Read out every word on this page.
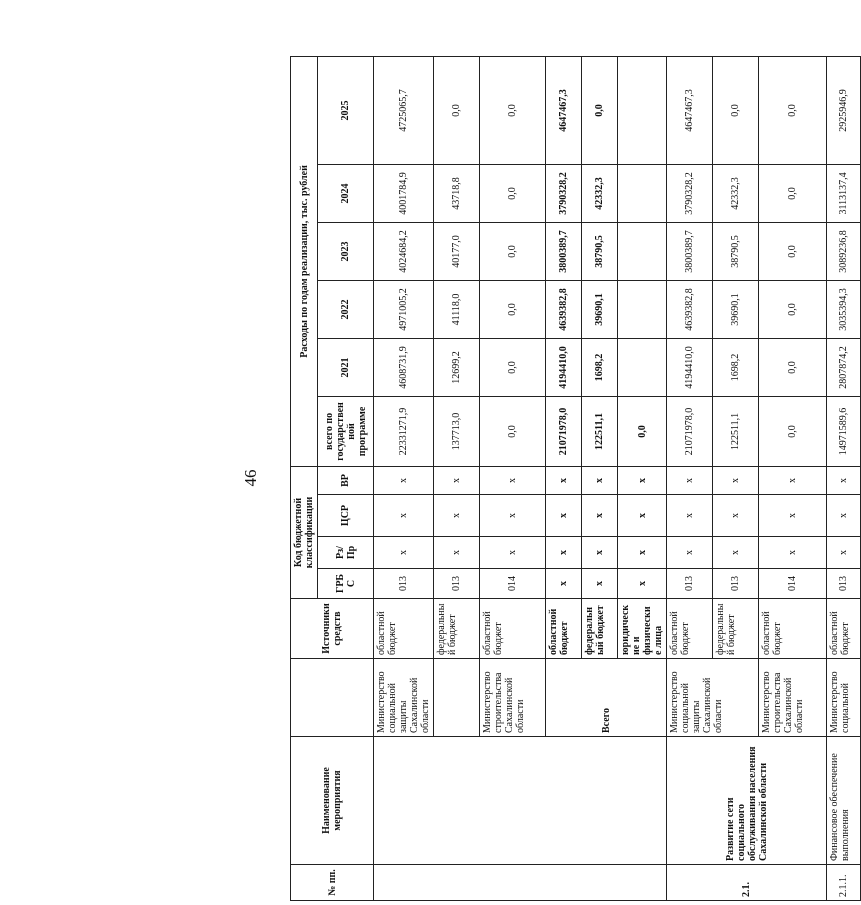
46
№ пп.	Наименование мероприятия		Источники средств	Код бюджетной классификации				Расходы по годам реализации, тыс. рублей					
				ГРБС	Рз/ Пр	ЦСР	ВР	всего по государственной программе	2021	2022	2023	2024	2025
		Министерство социальной защиты Сахалинской области	областной бюджет	013	х	х	х	22331271,9	4608731,9	4971005,2	4024684,2	4001784,9	4725065,7
			федеральный бюджет	013	х	х	х	137713,0	12699,2	41118,0	40177,0	43718,8	0,0
		Министерство строительства Сахалинской области	областной бюджет	014	х	х	х	0,0	0,0	0,0	0,0	0,0	0,0
		Всего	областной бюджет	х	х	х	х	21071978,0	4194410,0	4639382,8	3800389,7	3790328,2	4647467,3
			федеральный бюджет	х	х	х	х	122511,1	1698,2	39690,1	38790,5	42332,3	0,0
			юридические и физические лица	х	х	х	х	0,0					
2.1.	Развитие сети социального обслуживания населения Сахалинской области	Министерство социальной защиты Сахалинской области	областной бюджет	013	х	х	х	21071978,0	4194410,0	4639382,8	3800389,7	3790328,2	4647467,3
			федеральный бюджет	013	х	х	х	122511,1	1698,2	39690,1	38790,5	42332,3	0,0
		Министерство строительства Сахалинской области	областной бюджет	014	х	х	х	0,0	0,0	0,0	0,0	0,0	0,0
2.1.1.	Финансовое обеспечение выполнения	Министерство социальной	областной бюджет	013	х	х	х	14971589,6	2807874,2	3035394,3	3089236,8	3113137,4	2925946,9
